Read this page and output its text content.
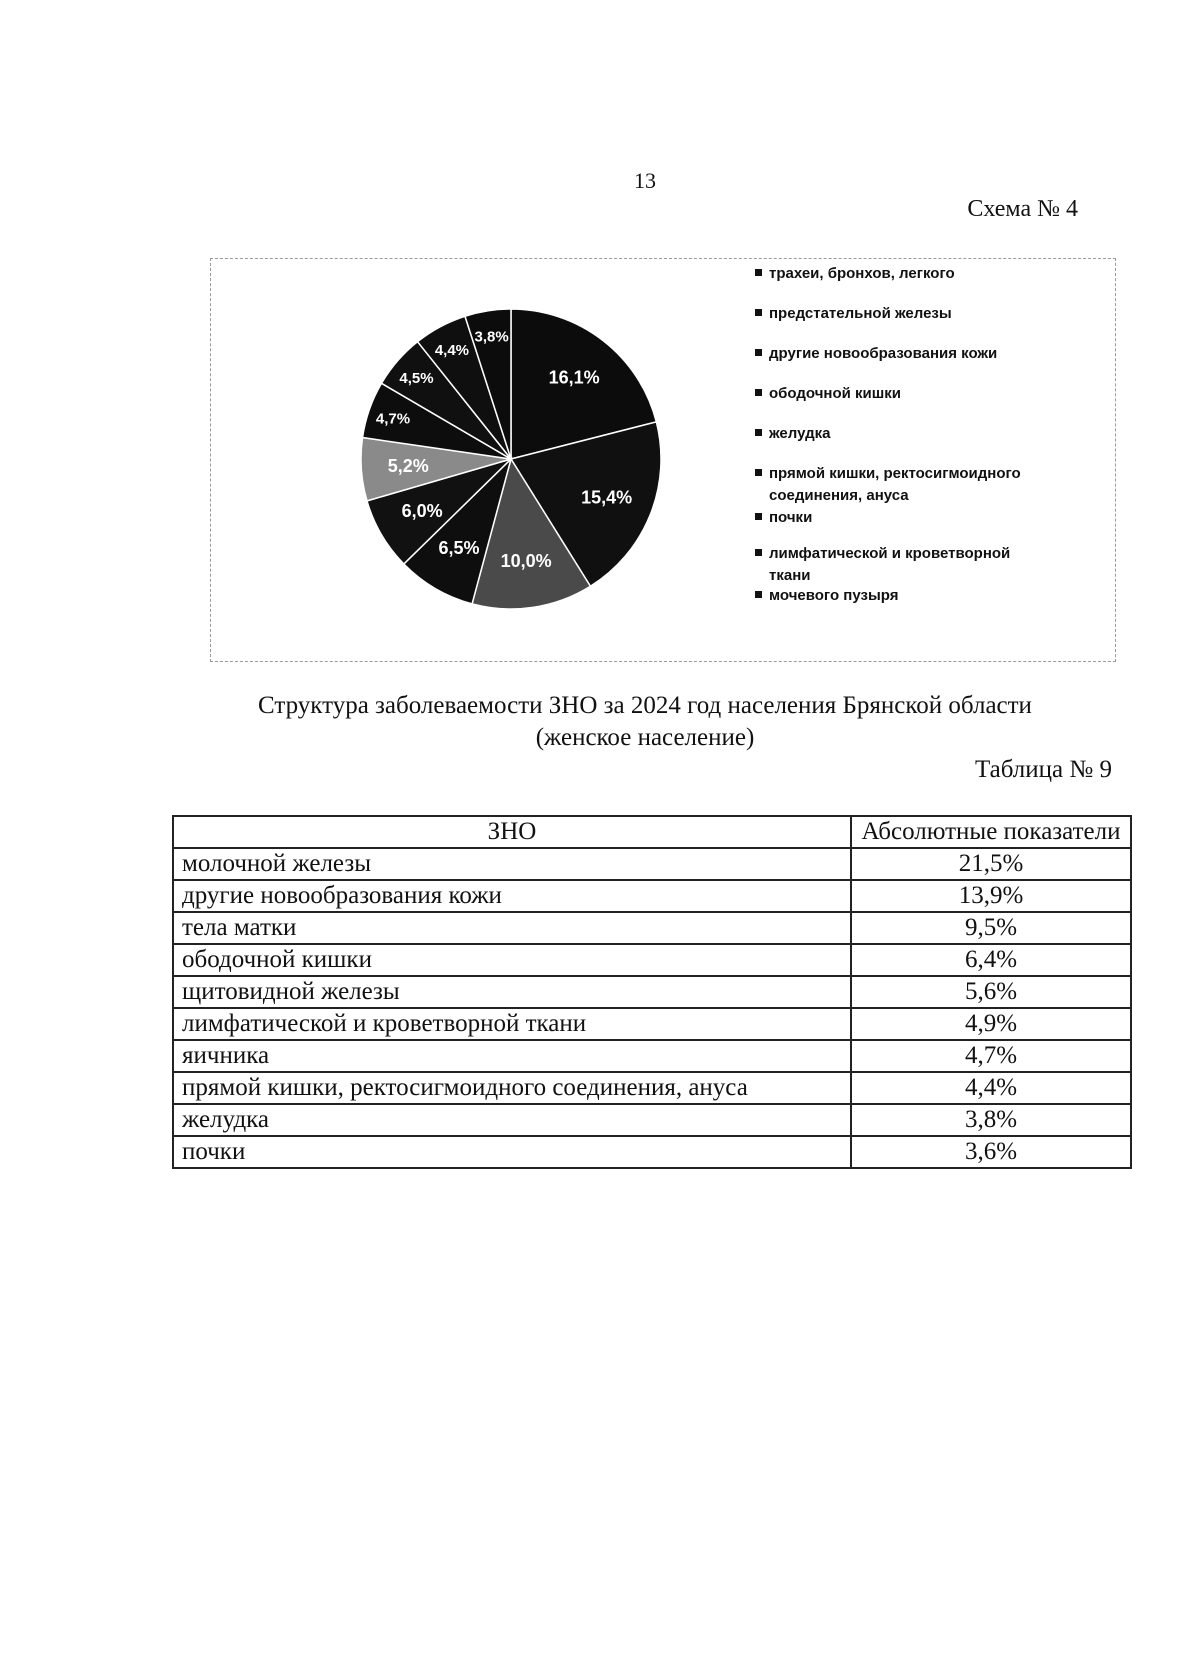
13
Схема № 4
16,1%
15,4%
10,0%
6,5%
6,0%
5,2%
4,7%
4,5%
4,4%
3,8%
трахеи, бронхов, легкого
предстательной железы
другие новообразования кожи
ободочной кишки
желудка
прямой кишки, ректосигмоидного
соединения, ануса
почки
лимфатической и кроветворной
ткани
мочевого пузыря
Структура заболеваемости ЗНО за 2024 год населения Брянской области
(женское население)
Таблица № 9
ЗНО	Абсолютные показатели
молочной железы	21,5%
другие новообразования кожи	13,9%
тела матки	9,5%
ободочной кишки	6,4%
щитовидной железы	5,6%
лимфатической и кроветворной ткани	4,9%
яичника	4,7%
прямой кишки, ректосигмоидного соединения, ануса	4,4%
желудка	3,8%
почки	3,6%
